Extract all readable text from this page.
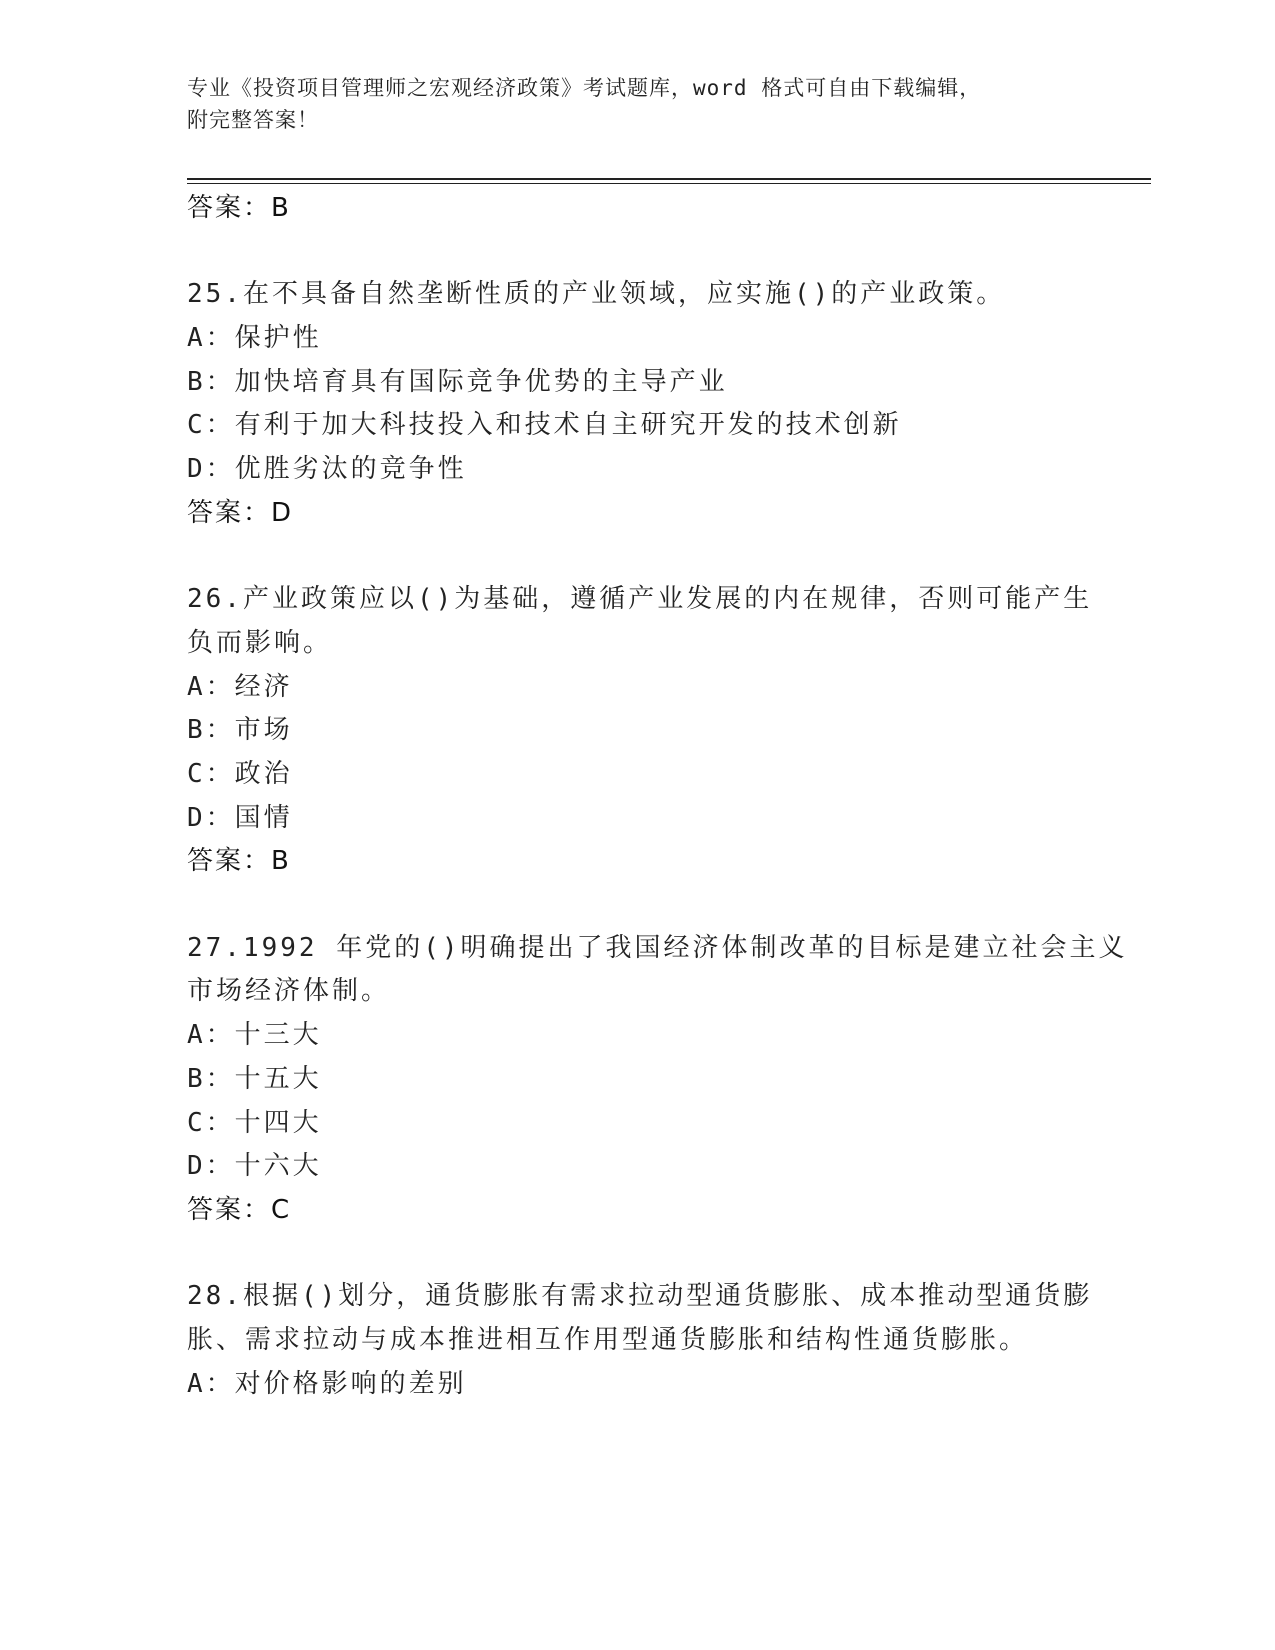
专业《投资项目管理师之宏观经济政策》考试题库，word 格式可自由下载编辑，
附完整答案！
答案：B
25.在不具备自然垄断性质的产业领域，应实施()的产业政策。
A：保护性
B：加快培育具有国际竞争优势的主导产业
C：有利于加大科技投入和技术自主研究开发的技术创新
D：优胜劣汰的竞争性
答案：D
26.产业政策应以()为基础，遵循产业发展的内在规律，否则可能产生
负而影响。
A：经济
B：市场
C：政治
D：国情
答案：B
27.1992 年党的()明确提出了我国经济体制改革的目标是建立社会主义
市场经济体制。
A：十三大
B：十五大
C：十四大
D：十六大
答案：C
28.根据()划分，通货膨胀有需求拉动型通货膨胀、成本推动型通货膨
胀、需求拉动与成本推进相互作用型通货膨胀和结构性通货膨胀。
A：对价格影响的差别
